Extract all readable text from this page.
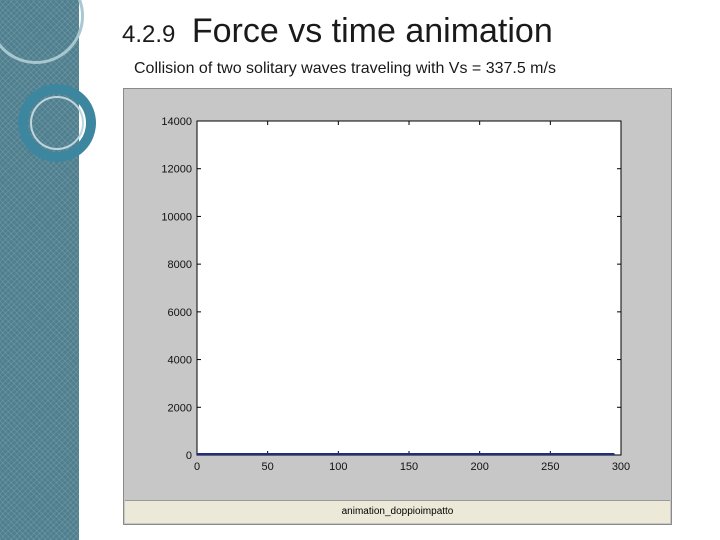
4.2.9 Force vs time animation
Collision of two solitary waves traveling with Vs = 337.5 m/s
0	50	100	150	200	250	300
0
2000
4000
6000
8000
10000
12000
14000
animation_doppioimpatto
